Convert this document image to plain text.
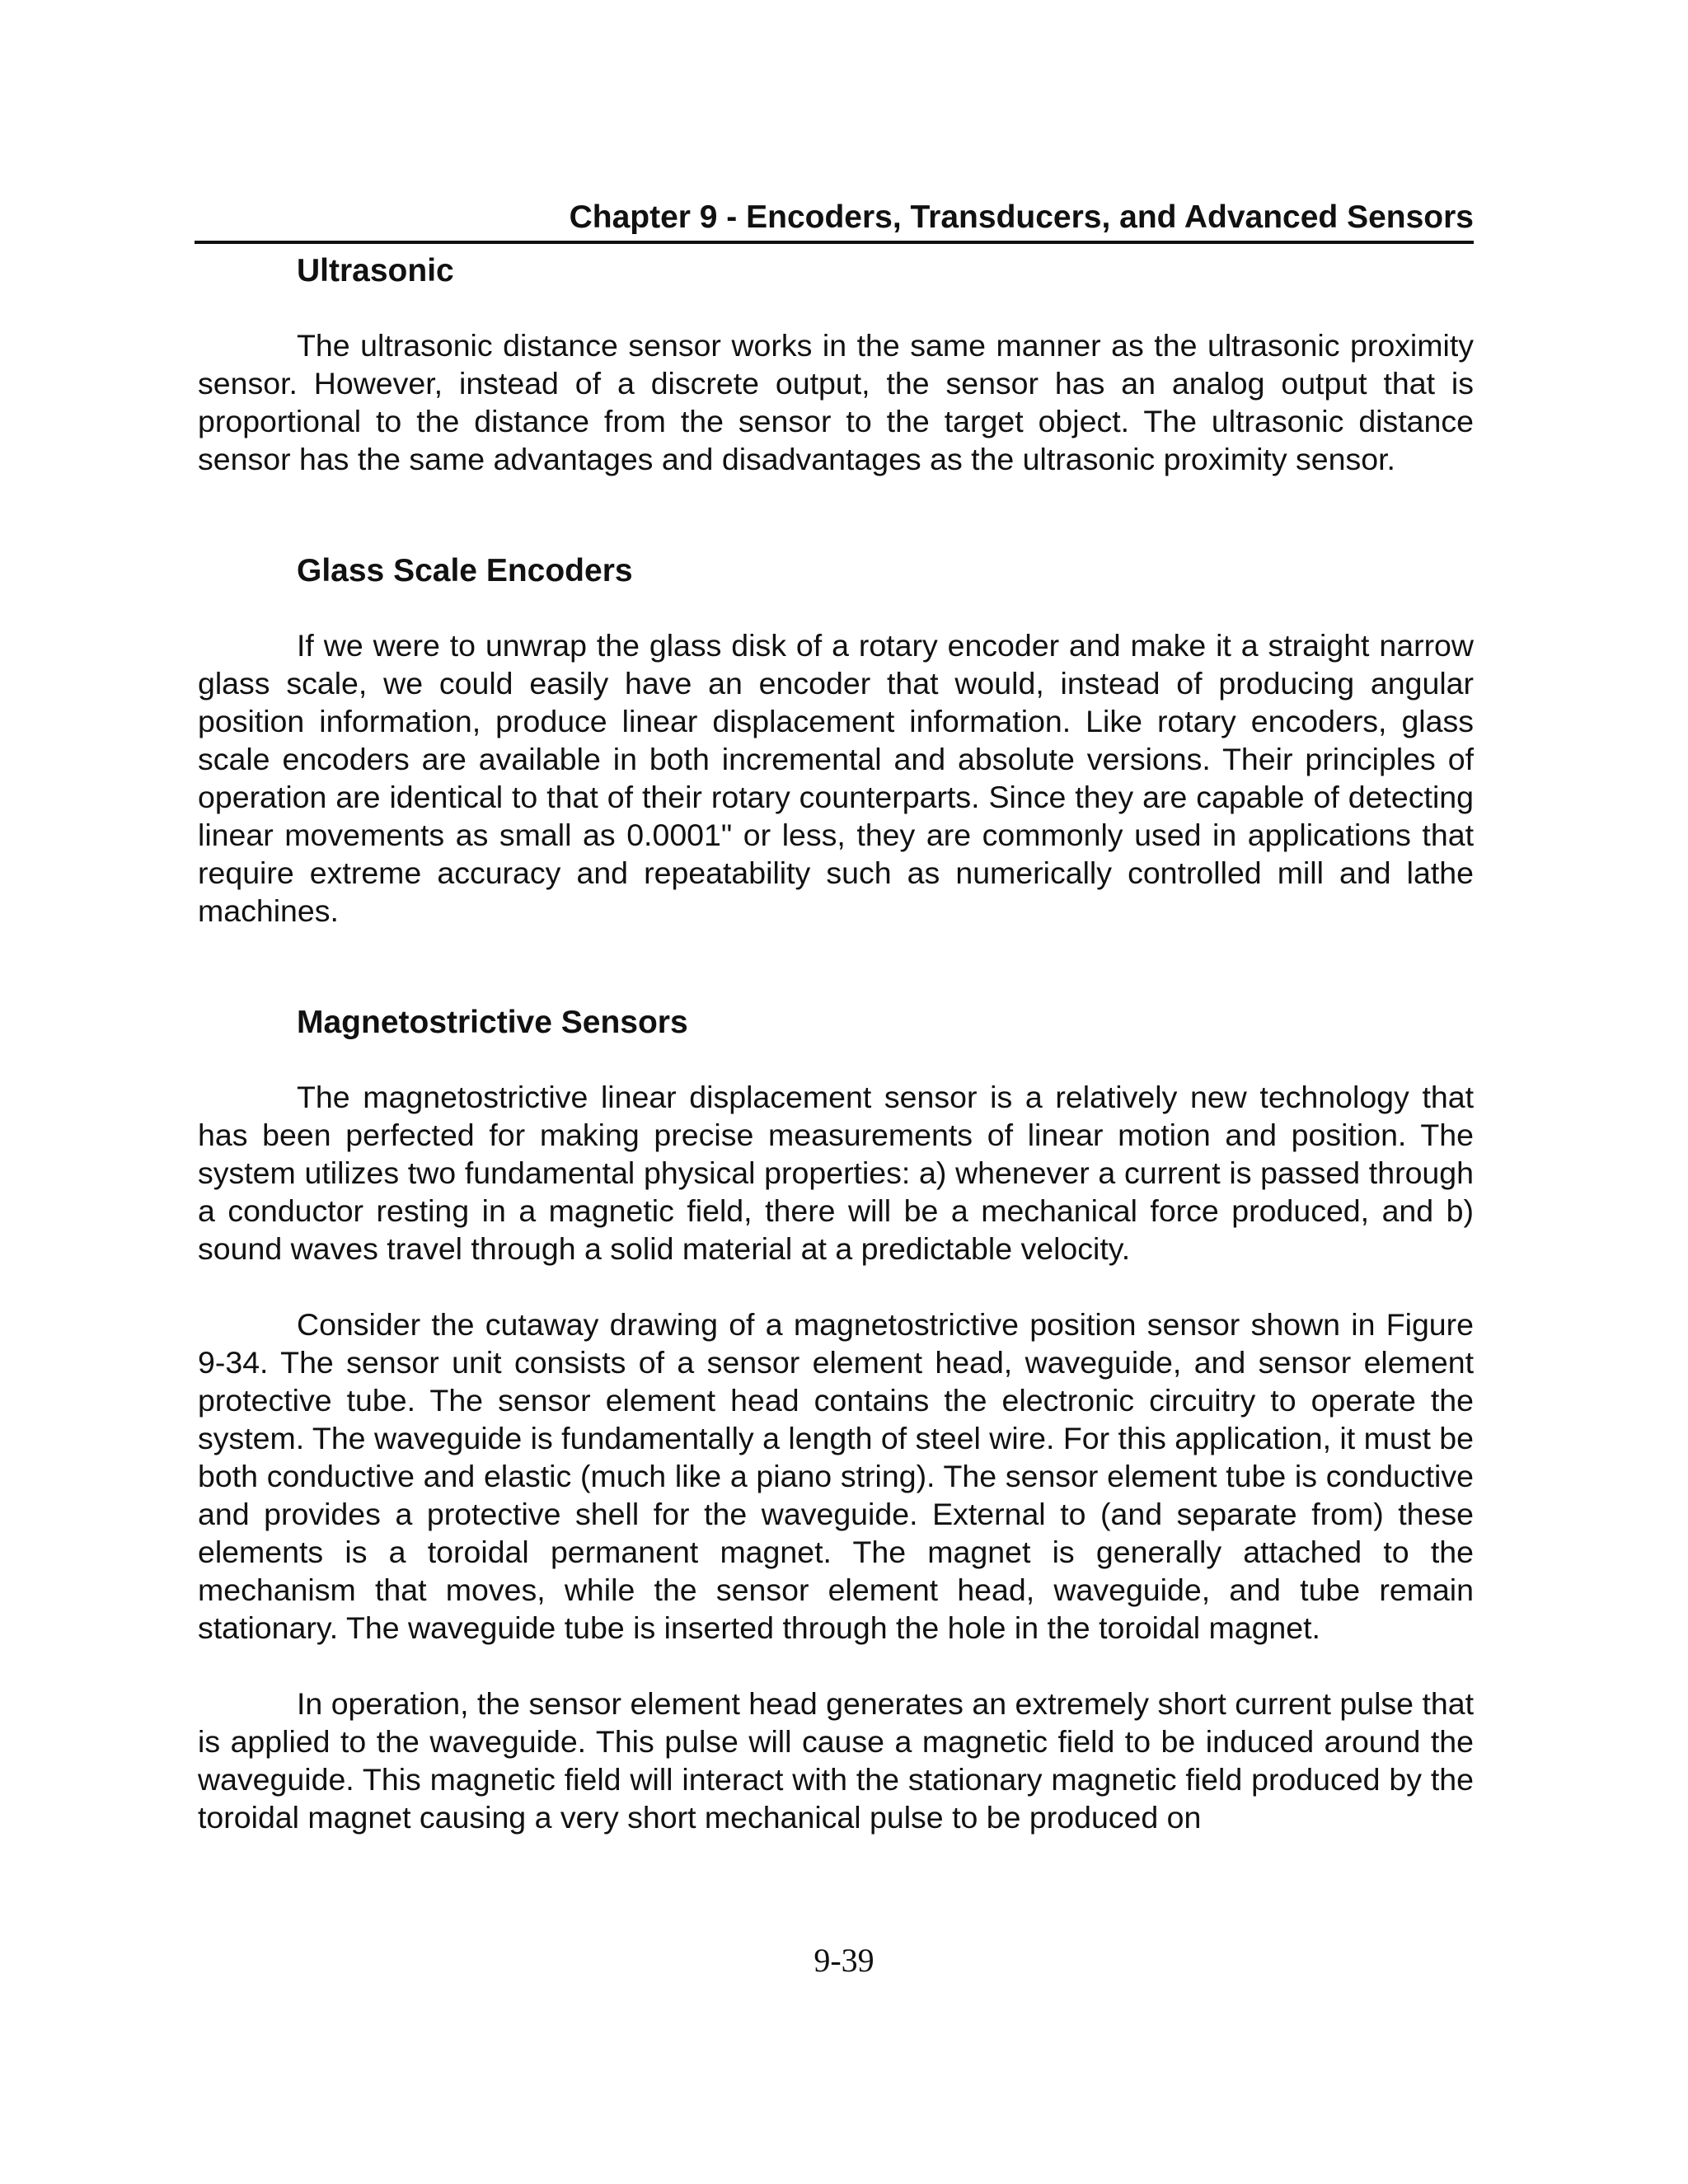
Chapter 9 - Encoders, Transducers, and Advanced Sensors
Ultrasonic

The ultrasonic distance sensor works in the same manner as the ultrasonic proximity sensor. However, instead of a discrete output, the sensor has an analog output that is proportional to the distance from the sensor to the target object. The ultrasonic distance sensor has the same advantages and disadvantages as the ultrasonic proximity sensor.

Glass Scale Encoders

If we were to unwrap the glass disk of a rotary encoder and make it a straight narrow glass scale, we could easily have an encoder that would, instead of producing angular position information, produce linear displacement information. Like rotary encoders, glass scale encoders are available in both incremental and absolute versions. Their principles of operation are identical to that of their rotary counterparts. Since they are capable of detecting linear movements as small as 0.0001" or less, they are commonly used in applications that require extreme accuracy and repeatability such as numerically controlled mill and lathe machines.

Magnetostrictive Sensors

The magnetostrictive linear displacement sensor is a relatively new technology that has been perfected for making precise measurements of linear motion and position. The system utilizes two fundamental physical properties: a) whenever a current is passed through a conductor resting in a magnetic field, there will be a mechanical force produced, and b) sound waves travel through a solid material at a predictable velocity.

Consider the cutaway drawing of a magnetostrictive position sensor shown in Figure 9-34. The sensor unit consists of a sensor element head, waveguide, and sensor element protective tube. The sensor element head contains the electronic circuitry to operate the system. The waveguide is fundamentally a length of steel wire. For this application, it must be both conductive and elastic (much like a piano string). The sensor element tube is conductive and provides a protective shell for the waveguide. External to (and separate from) these elements is a toroidal permanent magnet. The magnet is generally attached to the mechanism that moves, while the sensor element head, waveguide, and tube remain stationary. The waveguide tube is inserted through the hole in the toroidal magnet.

In operation, the sensor element head generates an extremely short current pulse that is applied to the waveguide. This pulse will cause a magnetic field to be induced around the waveguide. This magnetic field will interact with the stationary magnetic field produced by the toroidal magnet causing a very short mechanical pulse to be produced on

9-39
